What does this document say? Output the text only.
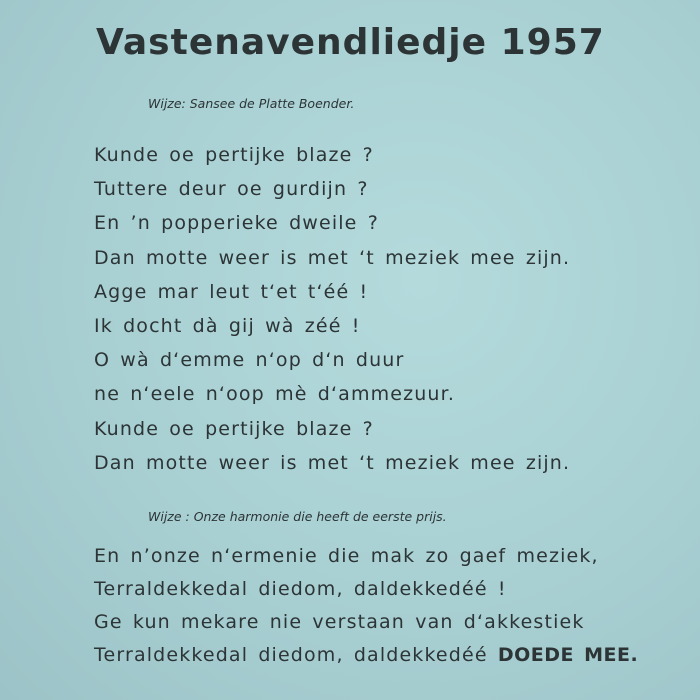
Vastenavendliedje 1957
Wijze: Sansee de Platte Boender.
Kunde oe pertijke blaze ?
Tuttere deur oe gurdijn ?
En ’n popperieke dweile ?
Dan motte weer is met ‘t meziek mee zijn.
Agge mar leut t‘et t‘éé !
Ik docht dà gij wà zéé !
O wà d‘emme n‘op d‘n duur
ne n‘eele n‘oop mè d‘ammezuur.
Kunde oe pertijke blaze ?
Dan motte weer is met ‘t meziek mee zijn.
Wijze : Onze harmonie die heeft de eerste prijs.
En n’onze n‘ermenie die mak zo gaef meziek,
Terraldekkedal diedom, daldekkedéé !
Ge kun mekare nie verstaan van d‘akkestiek
Terraldekkedal diedom, daldekkedéé DOEDE MEE.
